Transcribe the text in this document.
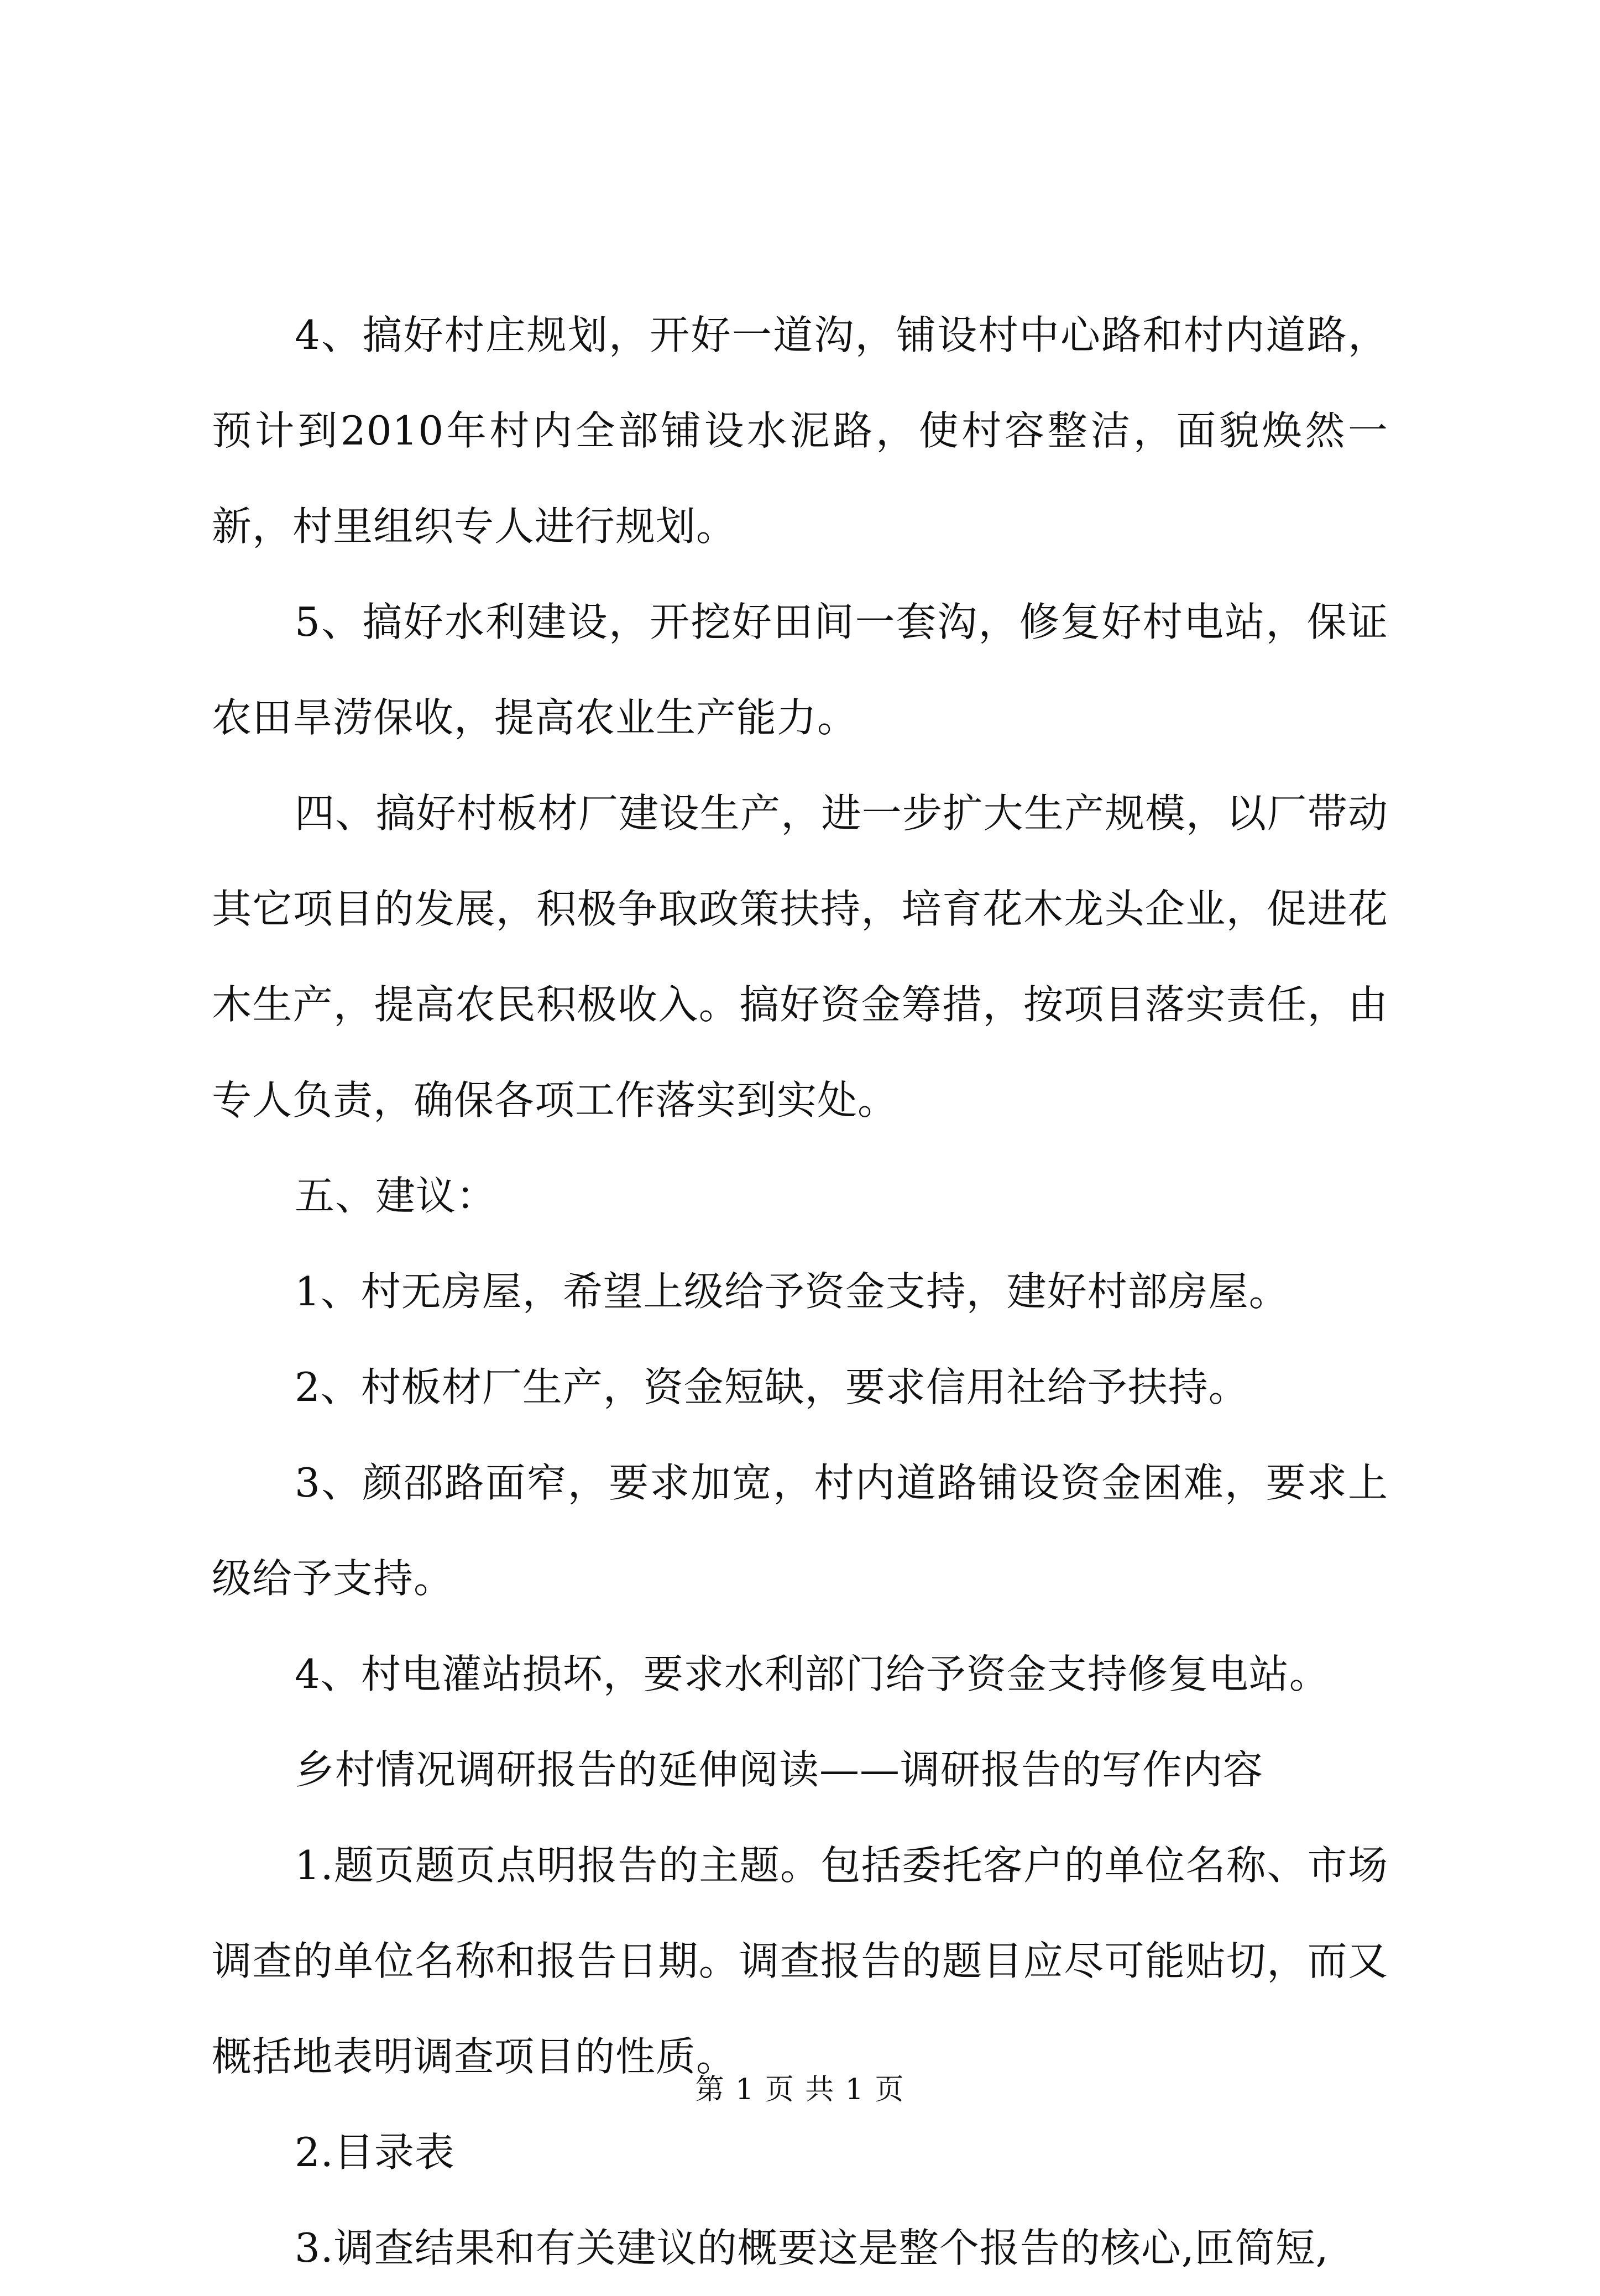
4、搞好村庄规划，开好一道沟，铺设村中心路和村内道路，预计到2010年村内全部铺设水泥路，使村容整洁，面貌焕然一新，村里组织专人进行规划。

5、搞好水利建设，开挖好田间一套沟，修复好村电站，保证农田旱涝保收，提高农业生产能力。

四、搞好村板材厂建设生产，进一步扩大生产规模，以厂带动其它项目的发展，积极争取政策扶持，培育花木龙头企业，促进花木生产，提高农民积极收入。搞好资金筹措，按项目落实责任，由专人负责，确保各项工作落实到实处。

五、建议：

1、村无房屋，希望上级给予资金支持，建好村部房屋。

2、村板材厂生产，资金短缺，要求信用社给予扶持。

3、颜邵路面窄，要求加宽，村内道路铺设资金困难，要求上级给予支持。

4、村电灌站损坏，要求水利部门给予资金支持修复电站。

乡村情况调研报告的延伸阅读——调研报告的写作内容

1.题页题页点明报告的主题。包括委托客户的单位名称、市场调查的单位名称和报告日期。调查报告的题目应尽可能贴切，而又概括地表明调查项目的性质。

2.目录表

3.调查结果和有关建议的概要这是整个报告的核心,匝简短,

第 1 页 共 1 页
